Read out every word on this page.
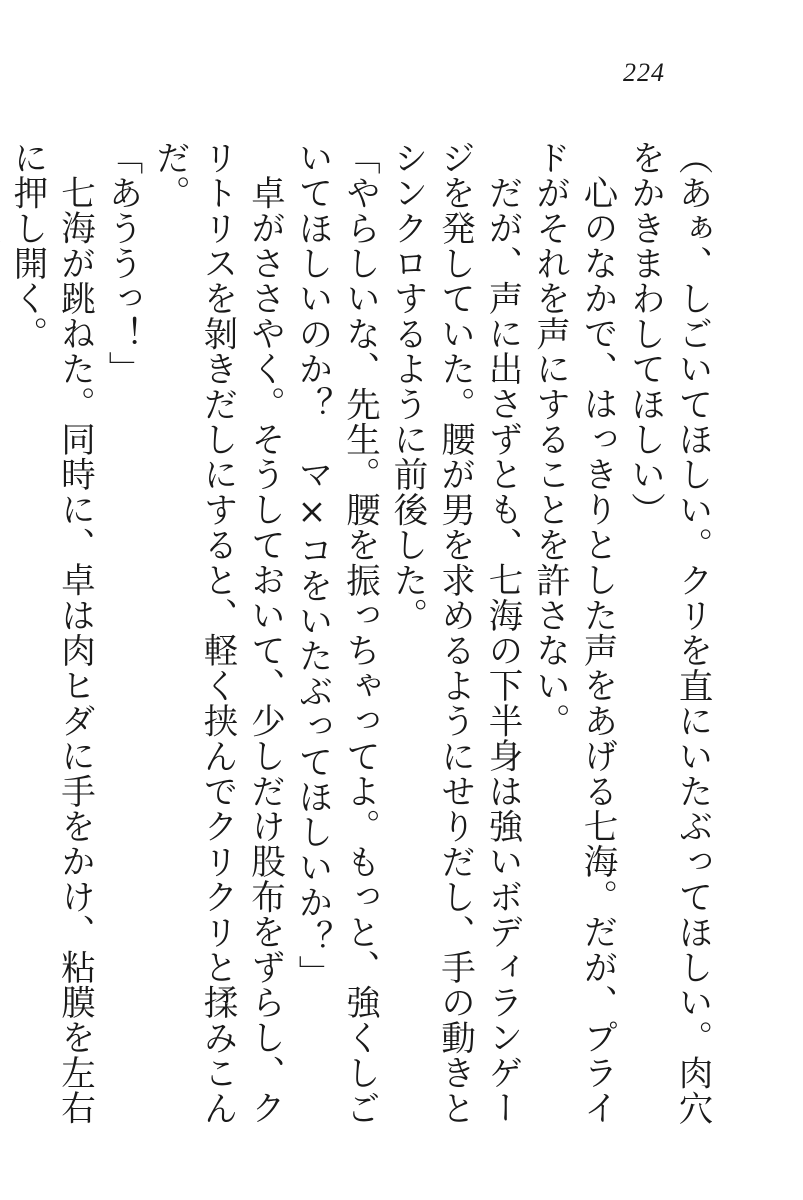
224

（あぁ、しごいてほしい。クリを直にいたぶってほしい。肉穴をかきまわしてほしい）

心のなかで、はっきりとした声をあげる七海。だが、プライドがそれを声にすることを許さない。

だが、声に出さずとも、七海の下半身は強いボディランゲージを発していた。腰が男を求めるようにせりだし、手の動きとシンクロするように前後した。

「やらしいな、先生。腰を振っちゃってよ。もっと、強くしごいてほしいのか？　マ×コをいたぶってほしいか？」

卓がささやく。そうしておいて、少しだけ股布をずらし、クリトリスを剝きだしにすると、軽く挟んでクリクリと揉みこんだ。

「あううっ！」

七海が跳ねた。同時に、卓は肉ヒダに手をかけ、粘膜を左右に押し開く。
